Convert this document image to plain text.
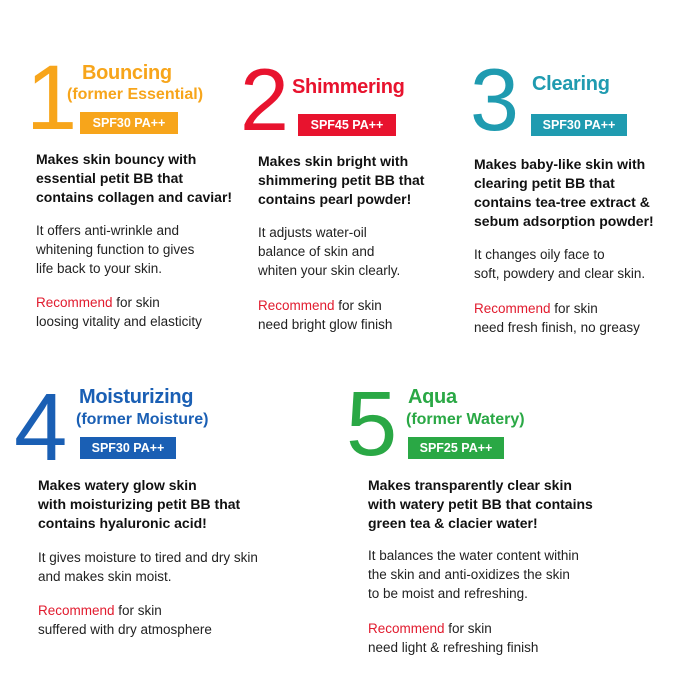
1 Bouncing
(former Essential)
SPF30 PA++
Makes skin bouncy with
essential petit BB that
contains collagen and caviar!
It offers anti-wrinkle and
whitening function to gives
life back to your skin.
Recommend for skin
loosing vitality and elasticity
2 Shimmering
SPF45 PA++
Makes skin bright with
shimmering petit BB that
contains pearl powder!
It adjusts water-oil
balance of skin and
whiten your skin clearly.
Recommend for skin
need bright glow finish
3 Clearing
SPF30 PA++
Makes baby-like skin with
clearing petit BB that
contains tea-tree extract &
sebum adsorption powder!
It changes oily face to
soft, powdery and clear skin.
Recommend for skin
need fresh finish, no greasy
4 Moisturizing
(former Moisture)
SPF30 PA++
Makes watery glow skin
with moisturizing petit BB that
contains hyaluronic acid!
It gives moisture to tired and dry skin
and makes skin moist.
Recommend for skin
suffered with dry atmosphere
5 Aqua
(former Watery)
SPF25 PA++
Makes transparently clear skin
with watery petit BB that contains
green tea & clacier water!
It balances the water content within
the skin and anti-oxidizes the skin
to be moist and refreshing.
Recommend for skin
need light & refreshing finish
